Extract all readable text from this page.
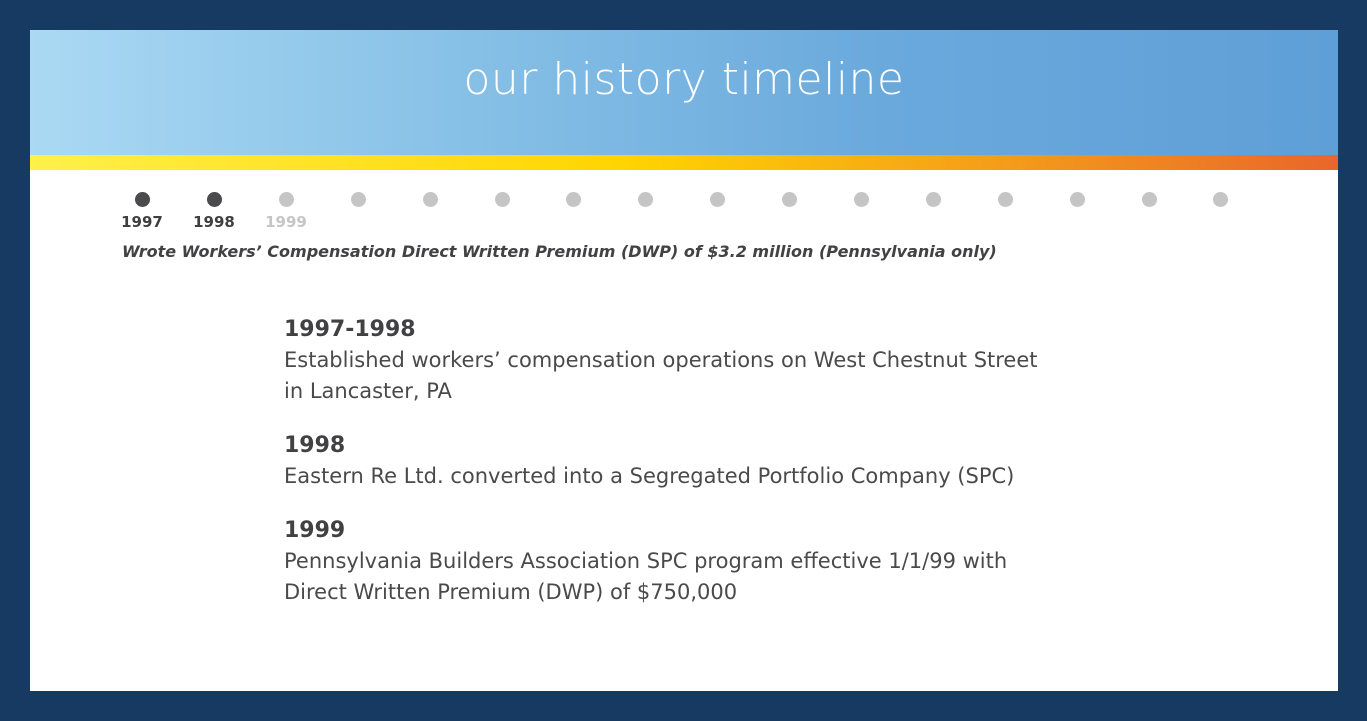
our history timeline
1997	1998	1999
Wrote Workers’ Compensation Direct Written Premium (DWP) of $3.2 million (Pennsylvania only)
1997-1998
Established workers’ compensation operations on West Chestnut Street
in Lancaster, PA
1998
Eastern Re Ltd. converted into a Segregated Portfolio Company (SPC)
1999
Pennsylvania Builders Association SPC program effective 1/1/99 with
Direct Written Premium (DWP) of $750,000
